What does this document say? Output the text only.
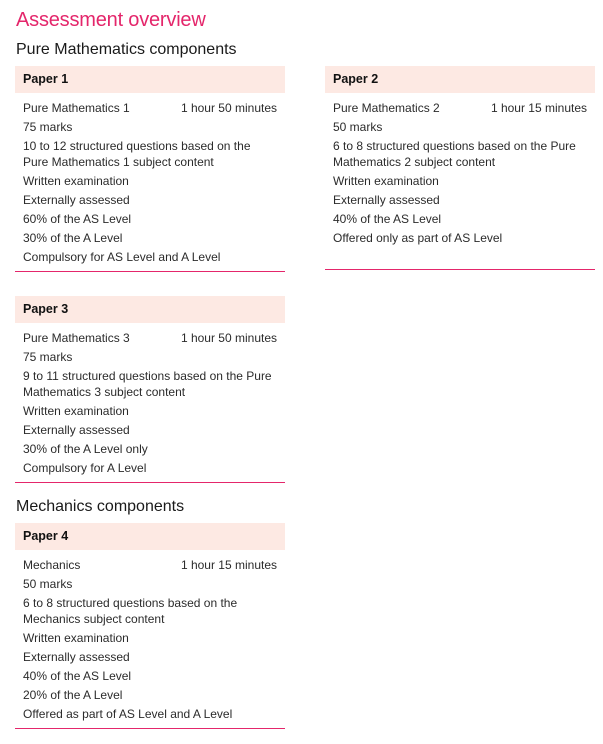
Assessment overview
Pure Mathematics components
Paper 1
Pure Mathematics 1	1 hour 50 minutes
75 marks
10 to 12 structured questions based on the Pure Mathematics 1 subject content
Written examination
Externally assessed
60% of the AS Level
30% of the A Level
Compulsory for AS Level and A Level
Paper 2
Pure Mathematics 2	1 hour 15 minutes
50 marks
6 to 8 structured questions based on the Pure Mathematics 2 subject content
Written examination
Externally assessed
40% of the AS Level
Offered only as part of AS Level
Paper 3
Pure Mathematics 3	1 hour 50 minutes
75 marks
9 to 11 structured questions based on the Pure Mathematics 3 subject content
Written examination
Externally assessed
30% of the A Level only
Compulsory for A Level
Mechanics components
Paper 4
Mechanics	1 hour 15 minutes
50 marks
6 to 8 structured questions based on the Mechanics subject content
Written examination
Externally assessed
40% of the AS Level
20% of the A Level
Offered as part of AS Level and A Level
